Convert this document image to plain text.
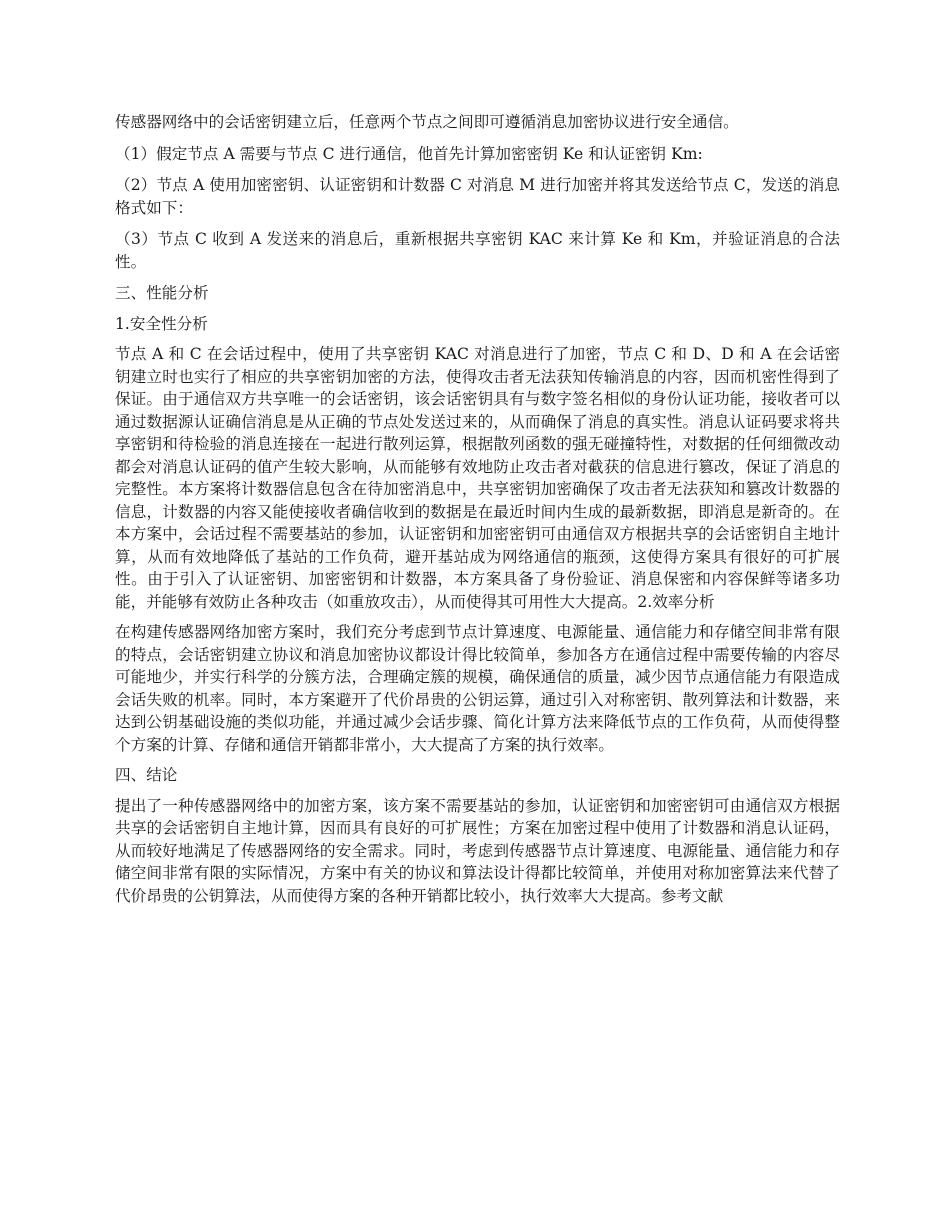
传感器网络中的会话密钥建立后，任意两个节点之间即可遵循消息加密协议进行安全通信。

（1）假定节点 A 需要与节点 C 进行通信，他首先计算加密密钥 Ke 和认证密钥 Km:

（2）节点 A 使用加密密钥、认证密钥和计数器 C 对消息 M 进行加密并将其发送给节点 C，发送的消息格式如下：

（3）节点 C 收到 A 发送来的消息后，重新根据共享密钥 KAC 来计算 Ke 和 Km，并验证消息的合法性。

三、性能分析

1.安全性分析

节点 A 和 C 在会话过程中，使用了共享密钥 KAC 对消息进行了加密，节点 C 和 D、D 和 A 在会话密钥建立时也实行了相应的共享密钥加密的方法，使得攻击者无法获知传输消息的内容，因而机密性得到了保证。由于通信双方共享唯一的会话密钥，该会话密钥具有与数字签名相似的身份认证功能，接收者可以通过数据源认证确信消息是从正确的节点处发送过来的，从而确保了消息的真实性。消息认证码要求将共享密钥和待检验的消息连接在一起进行散列运算，根据散列函数的强无碰撞特性，对数据的任何细微改动都会对消息认证码的值产生较大影响，从而能够有效地防止攻击者对截获的信息进行篡改，保证了消息的完整性。本方案将计数器信息包含在待加密消息中，共享密钥加密确保了攻击者无法获知和篡改计数器的信息，计数器的内容又能使接收者确信收到的数据是在最近时间内生成的最新数据，即消息是新奇的。在本方案中，会话过程不需要基站的参加，认证密钥和加密密钥可由通信双方根据共享的会话密钥自主地计算，从而有效地降低了基站的工作负荷，避开基站成为网络通信的瓶颈，这使得方案具有很好的可扩展性。由于引入了认证密钥、加密密钥和计数器，本方案具备了身份验证、消息保密和内容保鲜等诸多功能，并能够有效防止各种攻击（如重放攻击），从而使得其可用性大大提高。2.效率分析

在构建传感器网络加密方案时，我们充分考虑到节点计算速度、电源能量、通信能力和存储空间非常有限的特点，会话密钥建立协议和消息加密协议都设计得比较简单，参加各方在通信过程中需要传输的内容尽可能地少，并实行科学的分簇方法，合理确定簇的规模，确保通信的质量，减少因节点通信能力有限造成会话失败的机率。同时，本方案避开了代价昂贵的公钥运算，通过引入对称密钥、散列算法和计数器，来达到公钥基础设施的类似功能，并通过减少会话步骤、简化计算方法来降低节点的工作负荷，从而使得整个方案的计算、存储和通信开销都非常小，大大提高了方案的执行效率。

四、结论

提出了一种传感器网络中的加密方案，该方案不需要基站的参加，认证密钥和加密密钥可由通信双方根据共享的会话密钥自主地计算，因而具有良好的可扩展性；方案在加密过程中使用了计数器和消息认证码，从而较好地满足了传感器网络的安全需求。同时，考虑到传感器节点计算速度、电源能量、通信能力和存储空间非常有限的实际情况，方案中有关的协议和算法设计得都比较简单，并使用对称加密算法来代替了代价昂贵的公钥算法，从而使得方案的各种开销都比较小，执行效率大大提高。参考文献
